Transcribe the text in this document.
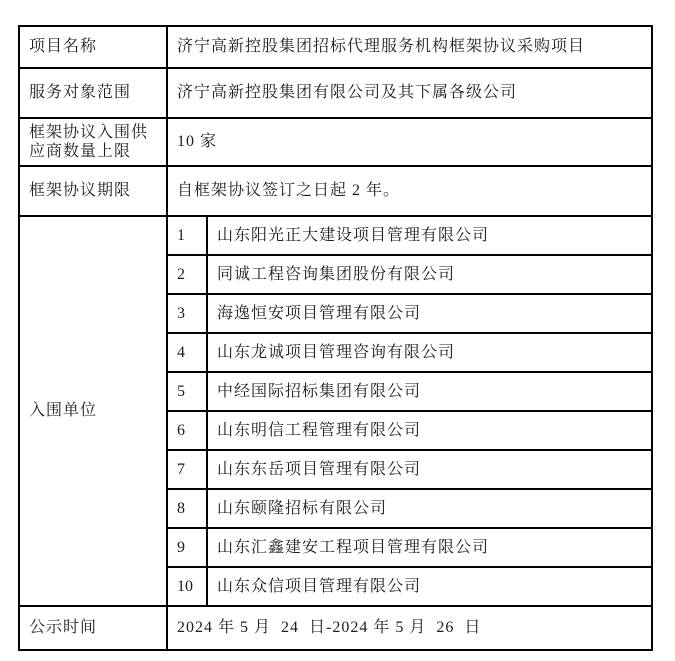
项目名称	济宁高新控股集团招标代理服务机构框架协议采购项目	
服务对象范围	济宁高新控股集团有限公司及其下属各级公司	
框架协议入围供应商数量上限	10 家	
框架协议期限	自框架协议签订之日起 2 年。	
入围单位	1	山东阳光正大建设项目管理有限公司
	2	同诚工程咨询集团股份有限公司
	3	海逸恒安项目管理有限公司
	4	山东龙诚项目管理咨询有限公司
	5	中经国际招标集团有限公司
	6	山东明信工程管理有限公司
	7	山东东岳项目管理有限公司
	8	山东颐隆招标有限公司
	9	山东汇鑫建安工程项目管理有限公司
	10	山东众信项目管理有限公司
公示时间	2024 年 5 月  24  日-2024 年 5 月  26  日	
